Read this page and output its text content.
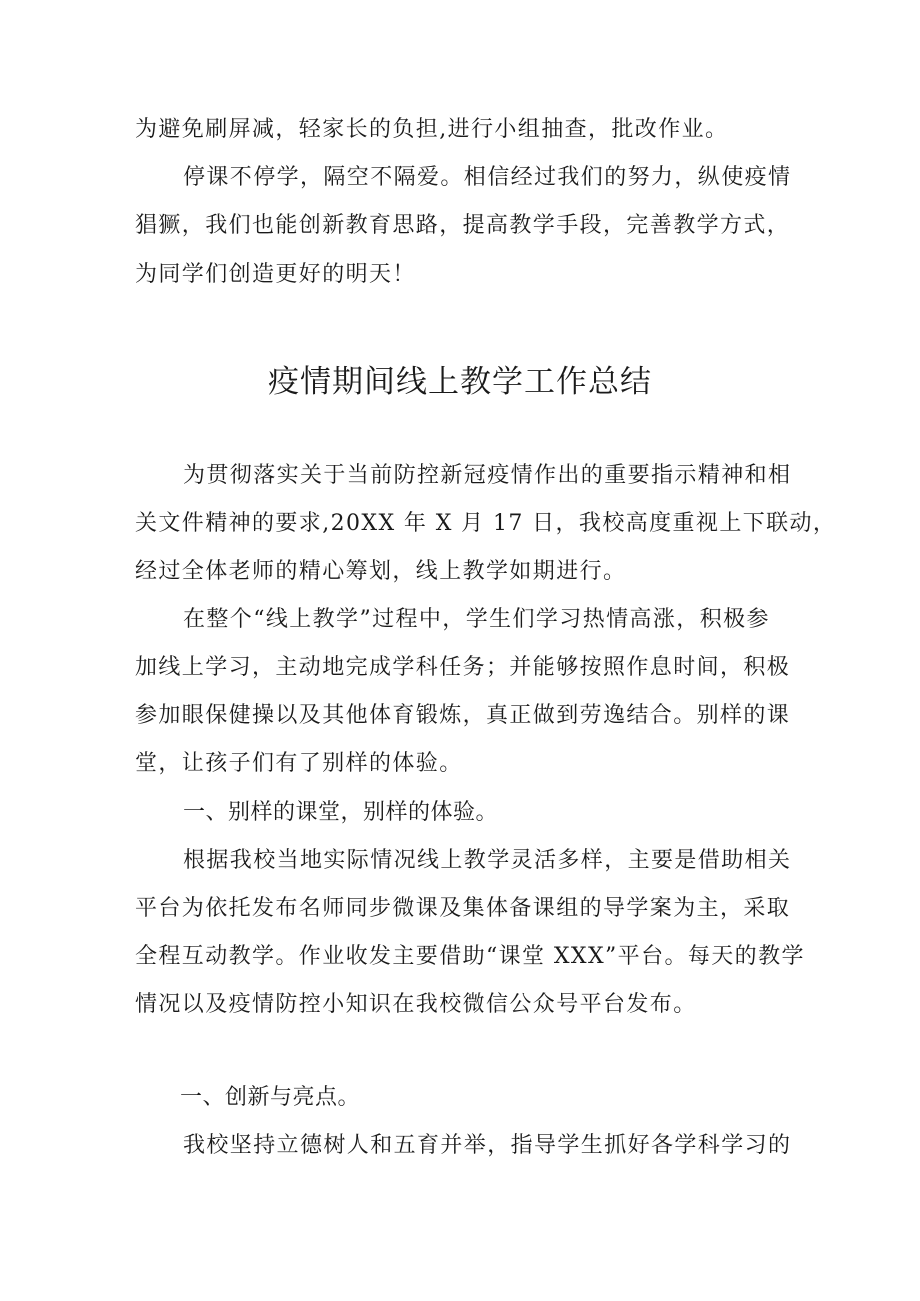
为避免刷屏减，轻家长的负担,进行小组抽查，批改作业。
停课不停学，隔空不隔爱。相信经过我们的努力，纵使疫情
猖獗，我们也能创新教育思路，提高教学手段，完善教学方式，
为同学们创造更好的明天！
疫情期间线上教学工作总结
为贯彻落实关于当前防控新冠疫情作出的重要指示精神和相
关文件精神的要求,20XX 年 X 月 17 日，我校高度重视上下联动，
经过全体老师的精心筹划，线上教学如期进行。
在整个“线上教学”过程中，学生们学习热情高涨，积极参
加线上学习，主动地完成学科任务；并能够按照作息时间，积极
参加眼保健操以及其他体育锻炼，真正做到劳逸结合。别样的课
堂，让孩子们有了别样的体验。
一、别样的课堂，别样的体验。
根据我校当地实际情况线上教学灵活多样，主要是借助相关
平台为依托发布名师同步微课及集体备课组的导学案为主，采取
全程互动教学。作业收发主要借助“课堂 XXX”平台。每天的教学
情况以及疫情防控小知识在我校微信公众号平台发布。
一、创新与亮点。
我校坚持立德树人和五育并举，指导学生抓好各学科学习的
